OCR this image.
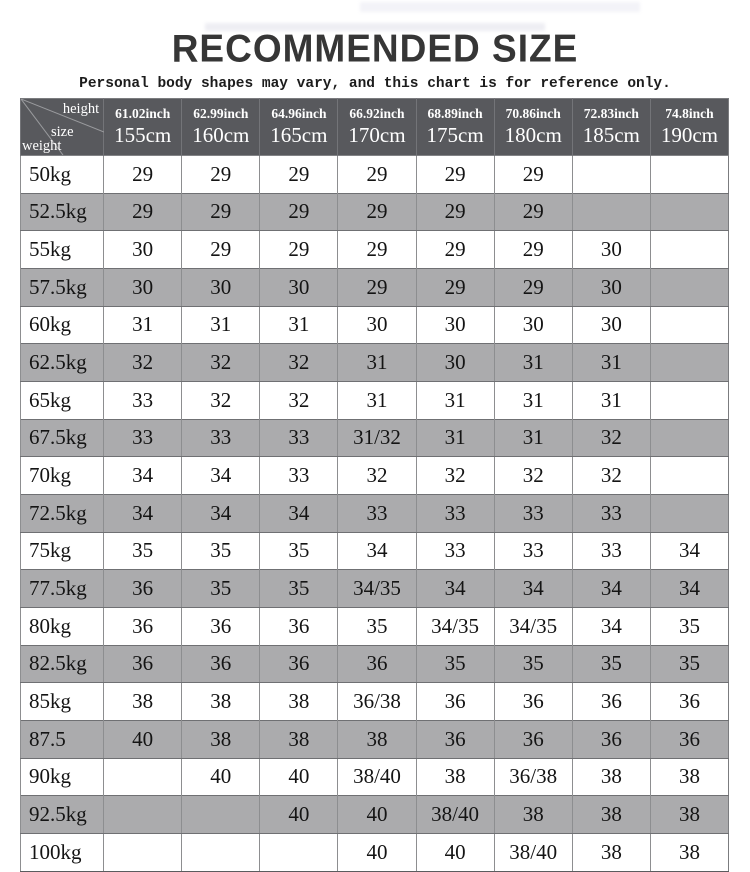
RECOMMENDED SIZE

Personal body shapes may vary, and this chart is for reference only.

height
size
weight

61.02inch
155cm

62.99inch
160cm

64.96inch
165cm

66.92inch
170cm

68.89inch
175cm

70.86inch
180cm

72.83inch
185cm

74.8inch
190cm

50kg	29	29	29	29	29	29		
52.5kg	29	29	29	29	29	29		
55kg	30	29	29	29	29	29	30	
57.5kg	30	30	30	29	29	29	30	
60kg	31	31	31	30	30	30	30	
62.5kg	32	32	32	31	30	31	31	
65kg	33	32	32	31	31	31	31	
67.5kg	33	33	33	31/32	31	31	32	
70kg	34	34	33	32	32	32	32	
72.5kg	34	34	34	33	33	33	33	
75kg	35	35	35	34	33	33	33	34
77.5kg	36	35	35	34/35	34	34	34	34
80kg	36	36	36	35	34/35	34/35	34	35
82.5kg	36	36	36	36	35	35	35	35
85kg	38	38	38	36/38	36	36	36	36
87.5	40	38	38	38	36	36	36	36
90kg		40	40	38/40	38	36/38	38	38
92.5kg			40	40	38/40	38	38	38
100kg				40	40	38/40	38	38
